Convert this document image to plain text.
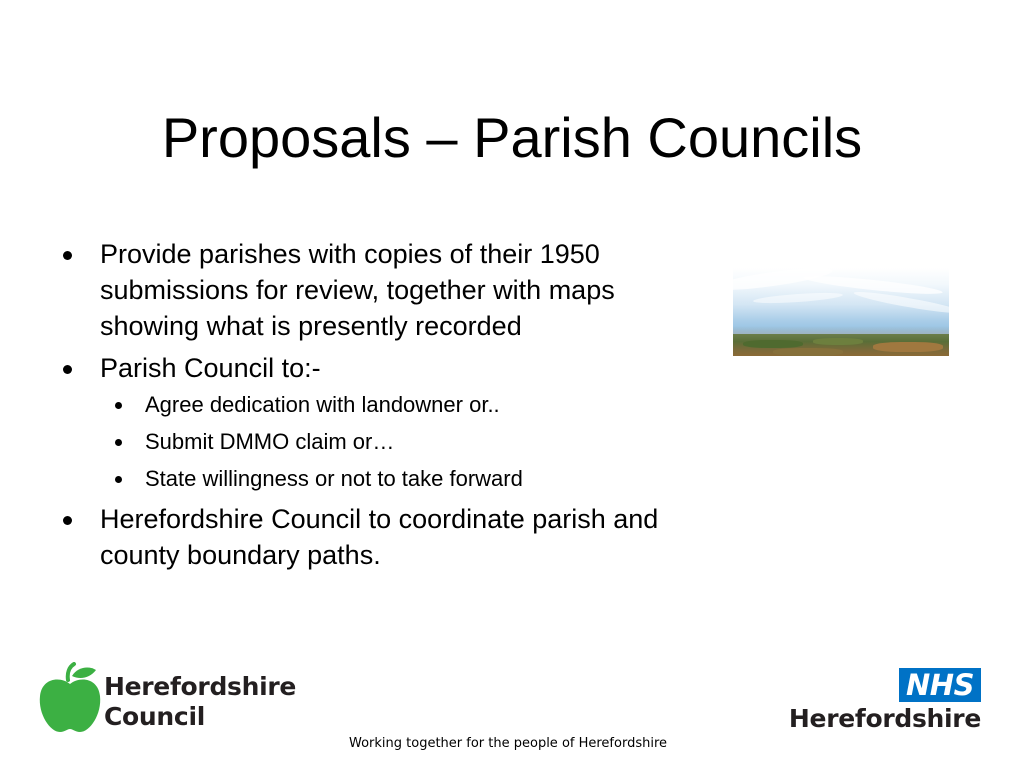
Proposals – Parish Councils
Provide parishes with copies of their 1950 submissions for review, together with maps showing what is presently recorded
Parish Council to:-
Agree dedication with landowner or..
Submit DMMO claim or…
State willingness or not to take forward
Herefordshire Council to coordinate parish and county boundary paths.
Herefordshire
Council
Working together for the people of Herefordshire
NHS
Herefordshire
